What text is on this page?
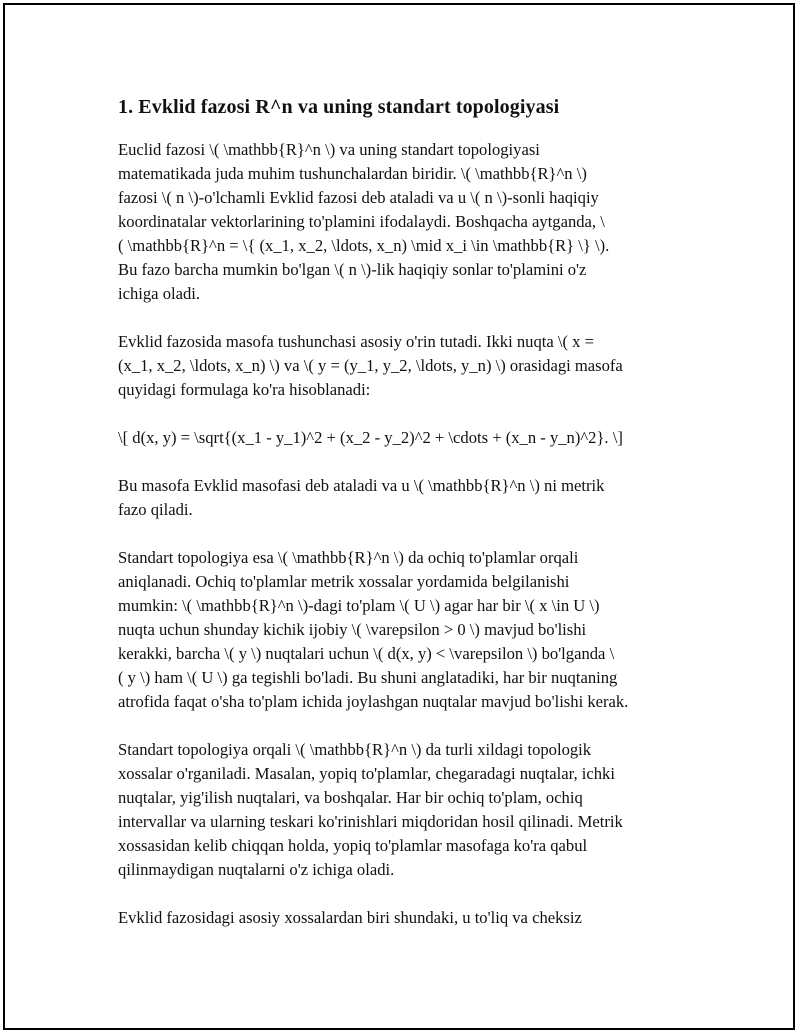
1. Evklid fazosi R^n va uning standart topologiyasi

Euclid fazosi \( \mathbb{R}^n \) va uning standart topologiyasi
matematikada juda muhim tushunchalardan biridir. \( \mathbb{R}^n \)
fazosi \( n \)-o'lchamli Evklid fazosi deb ataladi va u \( n \)-sonli haqiqiy
koordinatalar vektorlarining to'plamini ifodalaydi. Boshqacha aytganda, \
( \mathbb{R}^n = \{ (x_1, x_2, \ldots, x_n) \mid x_i \in \mathbb{R} \} \).
Bu fazo barcha mumkin bo'lgan \( n \)-lik haqiqiy sonlar to'plamini o'z
ichiga oladi.

Evklid fazosida masofa tushunchasi asosiy o'rin tutadi. Ikki nuqta \( x =
(x_1, x_2, \ldots, x_n) \) va \( y = (y_1, y_2, \ldots, y_n) \) orasidagi masofa
quyidagi formulaga ko'ra hisoblanadi:

\[ d(x, y) = \sqrt{(x_1 - y_1)^2 + (x_2 - y_2)^2 + \cdots + (x_n - y_n)^2}. \]

Bu masofa Evklid masofasi deb ataladi va u \( \mathbb{R}^n \) ni metrik
fazo qiladi.

Standart topologiya esa \( \mathbb{R}^n \) da ochiq to'plamlar orqali
aniqlanadi. Ochiq to'plamlar metrik xossalar yordamida belgilanishi
mumkin: \( \mathbb{R}^n \)-dagi to'plam \( U \) agar har bir \( x \in U \)
nuqta uchun shunday kichik ijobiy \( \varepsilon > 0 \) mavjud bo'lishi
kerakki, barcha \( y \) nuqtalari uchun \( d(x, y) < \varepsilon \) bo'lganda \
( y \) ham \( U \) ga tegishli bo'ladi. Bu shuni anglatadiki, har bir nuqtaning
atrofida faqat o'sha to'plam ichida joylashgan nuqtalar mavjud bo'lishi kerak.

Standart topologiya orqali \( \mathbb{R}^n \) da turli xildagi topologik
xossalar o'rganiladi. Masalan, yopiq to'plamlar, chegaradagi nuqtalar, ichki
nuqtalar, yig'ilish nuqtalari, va boshqalar. Har bir ochiq to'plam, ochiq
intervallar va ularning teskari ko'rinishlari miqdoridan hosil qilinadi. Metrik
xossasidan kelib chiqqan holda, yopiq to'plamlar masofaga ko'ra qabul
qilinmaydigan nuqtalarni o'z ichiga oladi.

Evklid fazosidagi asosiy xossalardan biri shundaki, u to'liq va cheksiz
